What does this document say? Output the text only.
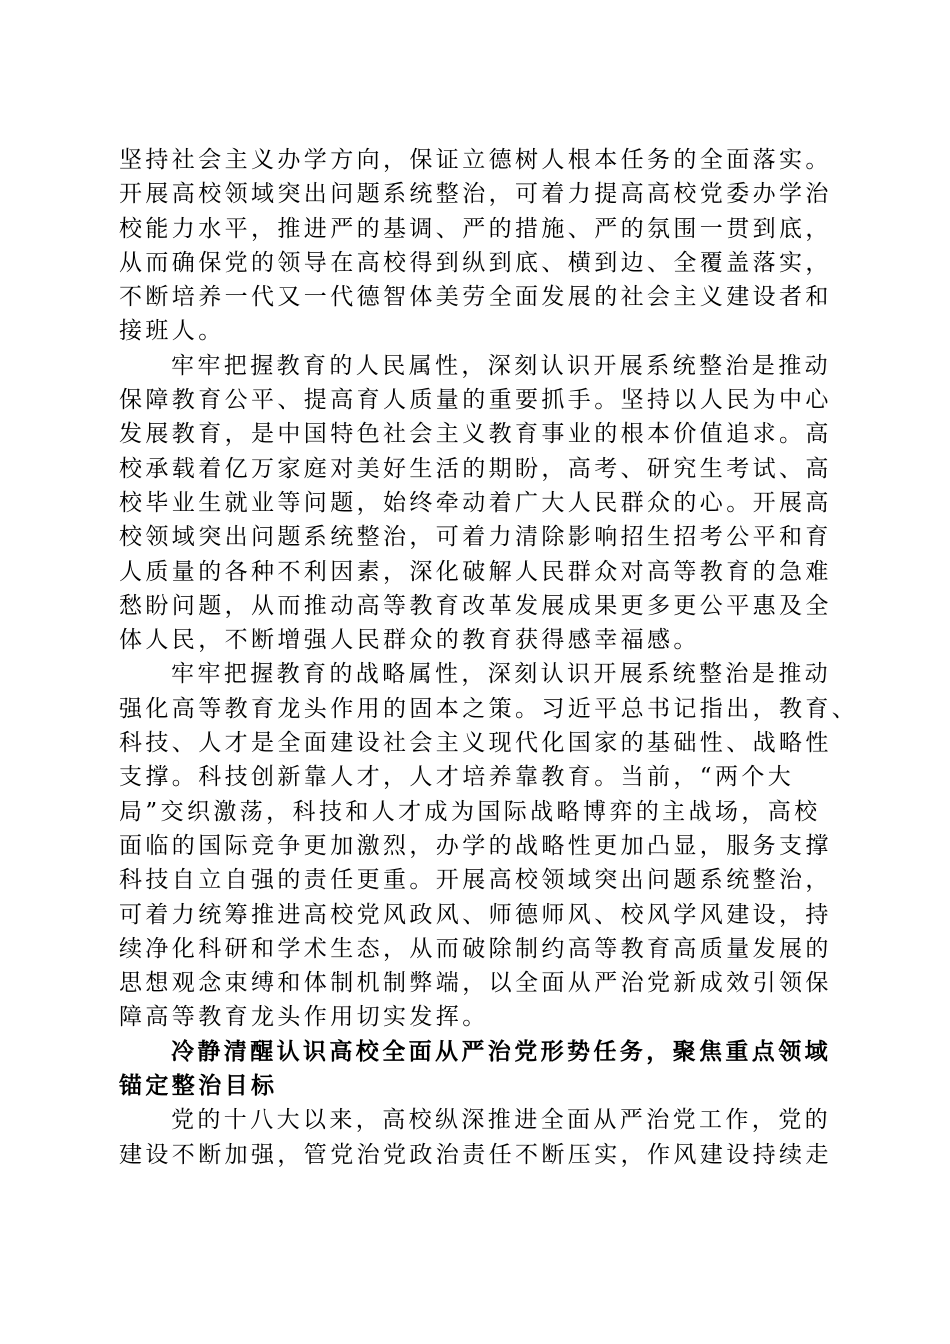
坚持社会主义办学方向，保证立德树人根本任务的全面落实。
开展高校领域突出问题系统整治，可着力提高高校党委办学治
校能力水平，推进严的基调、严的措施、严的氛围一贯到底，
从而确保党的领导在高校得到纵到底、横到边、全覆盖落实，
不断培养一代又一代德智体美劳全面发展的社会主义建设者和
接班人。
牢牢把握教育的人民属性，深刻认识开展系统整治是推动
保障教育公平、提高育人质量的重要抓手。坚持以人民为中心
发展教育，是中国特色社会主义教育事业的根本价值追求。高
校承载着亿万家庭对美好生活的期盼，高考、研究生考试、高
校毕业生就业等问题，始终牵动着广大人民群众的心。开展高
校领域突出问题系统整治，可着力清除影响招生招考公平和育
人质量的各种不利因素，深化破解人民群众对高等教育的急难
愁盼问题，从而推动高等教育改革发展成果更多更公平惠及全
体人民，不断增强人民群众的教育获得感幸福感。
牢牢把握教育的战略属性，深刻认识开展系统整治是推动
强化高等教育龙头作用的固本之策。习近平总书记指出，教育、
科技、人才是全面建设社会主义现代化国家的基础性、战略性
支撑。科技创新靠人才，人才培养靠教育。当前，“两个大
局”交织激荡，科技和人才成为国际战略博弈的主战场，高校
面临的国际竞争更加激烈，办学的战略性更加凸显，服务支撑
科技自立自强的责任更重。开展高校领域突出问题系统整治，
可着力统筹推进高校党风政风、师德师风、校风学风建设，持
续净化科研和学术生态，从而破除制约高等教育高质量发展的
思想观念束缚和体制机制弊端，以全面从严治党新成效引领保
障高等教育龙头作用切实发挥。
冷静清醒认识高校全面从严治党形势任务，聚焦重点领域
锚定整治目标
党的十八大以来，高校纵深推进全面从严治党工作，党的
建设不断加强，管党治党政治责任不断压实，作风建设持续走
